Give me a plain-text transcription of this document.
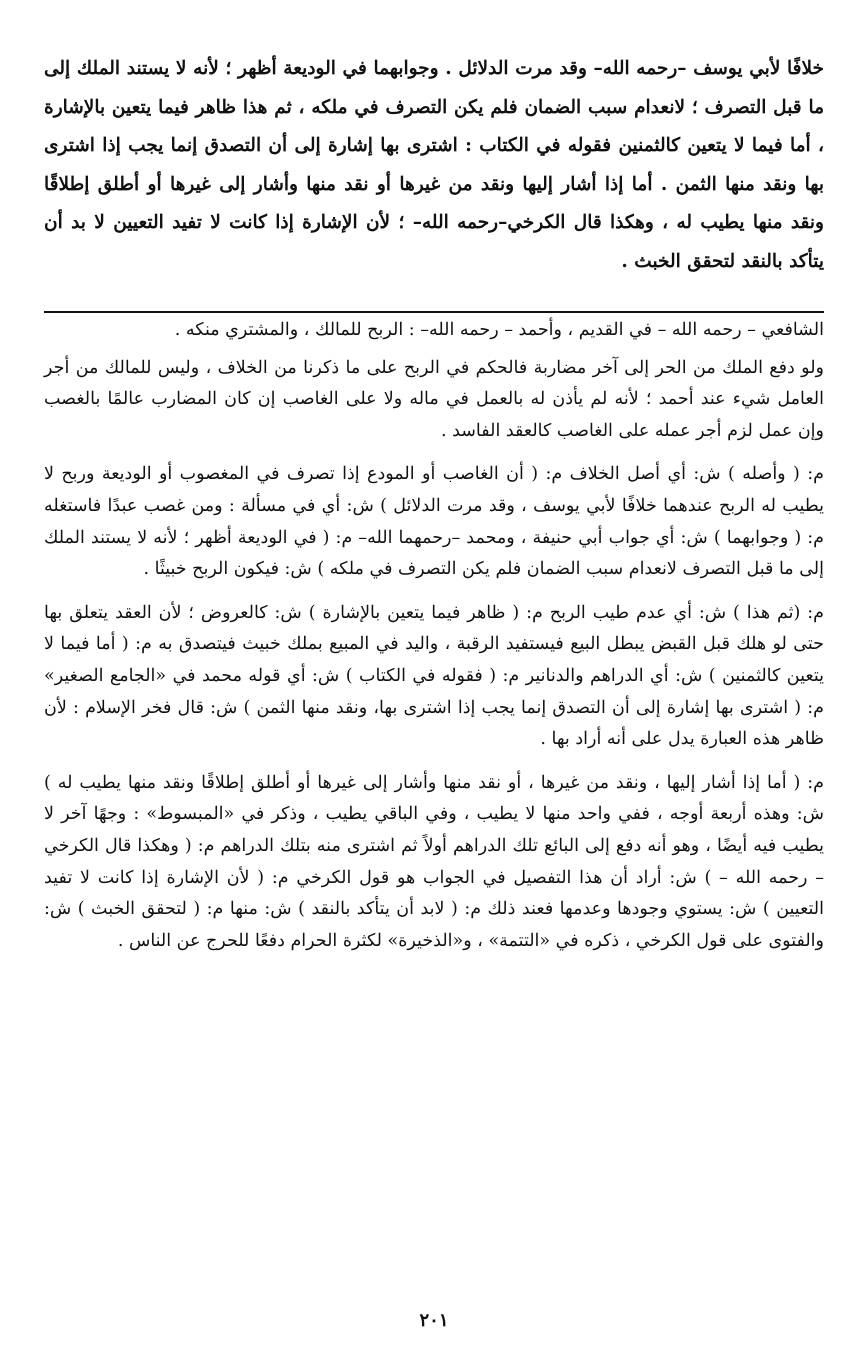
خلافًا لأبي يوسف –رحمه الله– وقد مرت الدلائل . وجوابهما في الوديعة أظهر ؛ لأنه لا يستند الملك إلى ما قبل التصرف ؛ لانعدام سبب الضمان فلم يكن التصرف في ملكه ، ثم هذا ظاهر فيما يتعين بالإشارة ، أما فيما لا يتعين كالثمنين فقوله في الكتاب : اشترى بها إشارة إلى أن التصدق إنما يجب إذا اشترى بها ونقد منها الثمن . أما إذا أشار إليها ونقد من غيرها أو نقد منها وأشار إلى غيرها أو أطلق إطلاقًا ونقد منها يطيب له ، وهكذا قال الكرخي–رحمه الله– ؛ لأن الإشارة إذا كانت لا تفيد التعيين لا بد أن يتأكد بالنقد لتحقق الخبث .

الشافعي – رحمه الله – في القديم ، وأحمد – رحمه الله– : الربح للمالك ، والمشتري منكه .

ولو دفع الملك من الحر إلى آخر مضاربة فالحكم في الربح على ما ذكرنا من الخلاف ، وليس للمالك من أجر العامل شيء عند أحمد ؛ لأنه لم يأذن له بالعمل في ماله ولا على الغاصب إن كان المضارب عالمًا بالغصب وإن عمل لزم أجر عمله على الغاصب كالعقد الفاسد .

م: ( وأصله ) ش: أي أصل الخلاف م: ( أن الغاصب أو المودع إذا تصرف في المغصوب أو الوديعة وربح لا يطيب له الربح عندهما خلافًا لأبي يوسف ، وقد مرت الدلائل ) ش: أي في مسألة : ومن غصب عبدًا فاستغله م: ( وجوابهما ) ش: أي جواب أبي حنيفة ، ومحمد –رحمهما الله– م: ( في الوديعة أظهر ؛ لأنه لا يستند الملك إلى ما قبل التصرف لانعدام سبب الضمان فلم يكن التصرف في ملكه ) ش: فيكون الربح خبيثًا .

م: (ثم هذا ) ش: أي عدم طيب الربح م: ( ظاهر فيما يتعين بالإشارة ) ش: كالعروض ؛ لأن العقد يتعلق بها حتى لو هلك قبل القبض يبطل البيع فيستفيد الرقبة ، واليد في المبيع بملك خبيث فيتصدق به م: ( أما فيما لا يتعين كالثمنين ) ش: أي الدراهم والدنانير م: ( فقوله في الكتاب ) ش: أي قوله محمد في «الجامع الصغير» م: ( اشترى بها إشارة إلى أن التصدق إنما يجب إذا اشترى بها، ونقد منها الثمن ) ش: قال فخر الإسلام : لأن ظاهر هذه العبارة يدل على أنه أراد بها .

م: ( أما إذا أشار إليها ، ونقد من غيرها ، أو نقد منها وأشار إلى غيرها أو أطلق إطلاقًا ونقد منها يطيب له ) ش: وهذه أربعة أوجه ، ففي واحد منها لا يطيب ، وفي الباقي يطيب ، وذكر في «المبسوط» : وجهًا آخر لا يطيب فيه أيضًا ، وهو أنه دفع إلى البائع تلك الدراهم أولاً ثم اشترى منه بتلك الدراهم م: ( وهكذا قال الكرخي – رحمه الله – ) ش: أراد أن هذا التفصيل في الجواب هو قول الكرخي م: ( لأن الإشارة إذا كانت لا تفيد التعيين ) ش: يستوي وجودها وعدمها فعند ذلك م: ( لابد أن يتأكد بالنقد ) ش: منها م: ( لتحقق الخبث ) ش: والفتوى على قول الكرخي ، ذكره في «التتمة» ، و«الذخيرة» لكثرة الحرام دفعًا للحرج عن الناس .

٢٠١
